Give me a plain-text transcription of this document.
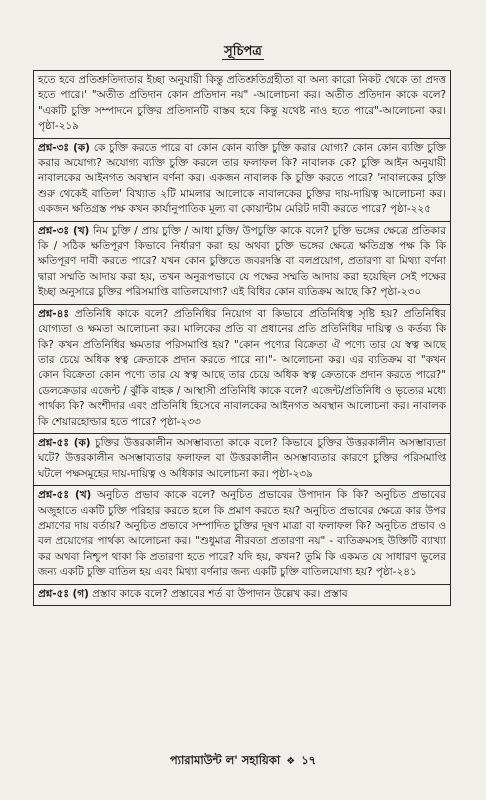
সূচিপত্র
হতে হবে প্রতিশ্রুতিদাতার ইচ্ছা অনুযায়ী কিন্তু প্রতিশ্রুতিগ্রহীতা বা অন্য কারো নিকট থেকে তা প্রদত্ত হতে পারে।' "অতীত প্রতিদান কোন প্রতিদান নয়" -আলোচনা কর। অতীত প্রতিদান কাকে বলে? "একটি চুক্তি সম্পাদনে চুক্তির প্রতিদানটি বাস্তব হবে কিন্তু যথেষ্ট নাও হতে পারে"-আলোচনা কর। পৃষ্ঠা-২১৯
প্রশ্ন-৩ঃ (ক) কে চুক্তি করতে পারে বা কোন কোন ব্যক্তি চুক্তি করার যোগ্য? কোন কোন ব্যক্তি চুক্তি করার অযোগ্য? অযোগ্য ব্যক্তি চুক্তি করলে তার ফলাফল কি? নাবালক কে? চুক্তি আইন অনুযায়ী নাবালকের আইনগত অবস্থান বর্ণনা কর। একজন নাবালক কি চুক্তি করতে পারে? 'নাবালকের চুক্তি শুরু থেকেই বাতিল' বিখ্যাত ২টি মামলার আলোকে নাবালকের চুক্তির দায়-দায়িত্ব আলোচনা কর। একজন ক্ষতিগ্রস্ত পক্ষ কখন কার্যানুপাতিক মূল্য বা কোয়ান্টাম মেরিট দাবী করতে পারে? পৃষ্ঠা-২২৫
প্রশ্ন-৩ঃ (খ) নিম চুক্তি / প্রায় চুক্তি / আধা চুক্তি/ উপচুক্তি কাকে বলে? চুক্তি ভঙ্গের ক্ষেত্রে প্রতিকার কি / সঠিক ক্ষতিপূরণ কিভাবে নির্ধারণ করা হয় অথবা চুক্তি ভঙ্গের ক্ষেত্রে ক্ষতিগ্রস্ত পক্ষ কি কি ক্ষতিপূরণ দাবী করতে পারে? যখন কোন চুক্তিতে জবরদস্তি বা বলপ্রয়োগ, প্রতারণা বা মিথ্যা বর্ণনা দ্বারা সম্মতি আদায় করা হয়, তখন অনুরূপভাবে যে পক্ষের সম্মতি আদায় করা হয়েছিল সেই পক্ষের ইচ্ছা অনুসারে চুক্তির পরিসমাপ্তি বাতিলযোগ্য? এই বিধির কোন ব্যতিক্রম আছে কি? পৃষ্ঠা-২৩০
প্রশ্ন-৪ঃ প্রতিনিধি কাকে বলে? প্রতিনিধির নিয়োগ বা কিভাবে প্রতিনিধিত্ব সৃষ্টি হয়? প্রতিনিধির যোগ্যতা ও ক্ষমতা আলোচনা কর। মালিকের প্রতি বা প্রধানের প্রতি প্রতিনিধির দায়িত্ব ও কর্তব্য কি কি? কখন প্রতিনিধির ক্ষমতার পরিসমাপ্তি হয়? "কোন পণ্যের বিক্রেতা ঐ পণ্যে তার যে স্বত্ব আছে তার চেয়ে অধিক স্বত্ব ক্রেতাকে প্রদান করতে পারে না।"- আলোচনা কর। এর ব্যতিক্রম বা "কখন কোন বিক্রেতা কোন পণ্যে তার যে স্বত্ব আছে তার চেয়ে অধিক স্বত্ব ক্রেতাকে প্রদান করতে পারে?" ডেলক্রেডার এজেন্ট / ঝুঁকি বাহক / আস্থাসী প্রতিনিধি কাকে বলে? এজেন্ট/প্রতিনিধি ও ভৃত্যের মধ্যে পার্থক্য কি? অংশীদার এবং প্রতিনিধি হিসেবে নাবালকের আইনগত অবস্থান আলোচনা কর। নাবালক কি শেয়ারহোল্ডার হতে পারে? পৃষ্ঠা-২৩৩
প্রশ্ন-৫ঃ (ক) চুক্তির উত্তরকালীন অসম্ভাব্যতা কাকে বলে? কিভাবে চুক্তির উত্তরকালীন অসম্ভাব্যতা ঘটে? উত্তরকালীন অসম্ভাব্যতার ফলাফল বা উত্তরকালীন অসম্ভাব্যতার কারণে চুক্তির পরিসমাপ্তি ঘটলে পক্ষসমূহের দায়-দায়িত্ব ও অধিকার আলোচনা কর। পৃষ্ঠা-২৩৯
প্রশ্ন-৫ঃ (খ) অনুচিত প্রভাব কাকে বলে? অনুচিত প্রভাবের উপাদান কি কি? অনুচিত প্রভাবের অজুহাতে একটি চুক্তি পরিহার করতে হলে কি প্রমাণ করতে হয়? অনুচিত প্রভাবের ক্ষেত্রে কার উপর প্রমাণের দায় বর্তায়? অনুচিত প্রভাবে সম্পাদিত চুক্তির দূষণ মাত্রা বা ফলাফল কি? অনুচিত প্রভাব ও বল প্রয়োগের পার্থক্য আলোচনা কর। "শুধুমাত্র নীরবতা প্রতারণা নয়" - ব্যতিক্রমসহ উক্তিটি ব্যাখ্যা কর অথবা নিশ্চুপ থাকা কি প্রতারণা হতে পারে? যদি হয়, কখন? তুমি কি একমত যে সাধারণ ভুলের জন্য একটি চুক্তি বাতিল হয় এবং মিথ্যা বর্ণনার জন্য একটি চুক্তি বাতিলযোগ্য হয়? পৃষ্ঠা-২৪১
প্রশ্ন-৫ঃ (গ) প্রস্তাব কাকে বলে? প্রস্তাবের শর্ত বা উপাদান উল্লেখ কর। প্রস্তাব
প্যারামাউন্ট ল' সহায়িকা ❖ ১৭
